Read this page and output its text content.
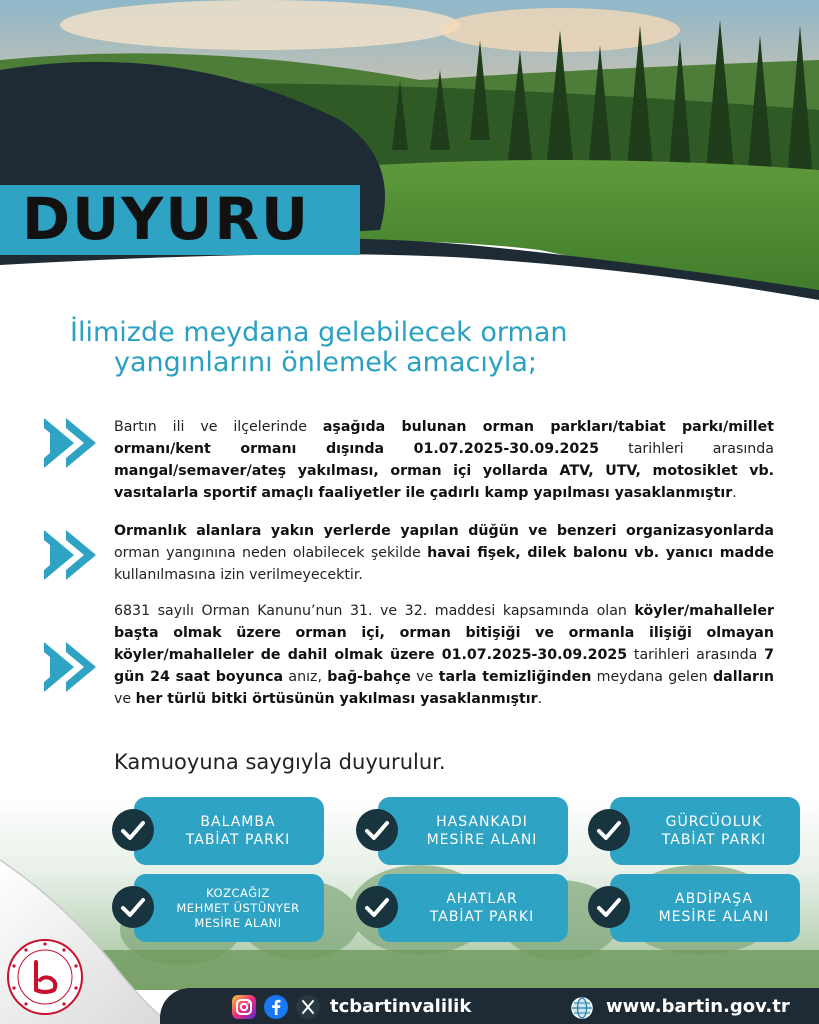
DUYURU
İlimizde meydana gelebilecek orman
yangınlarını önlemek amacıyla;
Bartın ili ve ilçelerinde aşağıda bulunan orman parkları/tabiat parkı/millet ormanı/kent ormanı dışında 01.07.2025-30.09.2025 tarihleri arasında mangal/semaver/ateş yakılması, orman içi yollarda ATV, UTV, motosiklet vb. vasıtalarla sportif amaçlı faaliyetler ile çadırlı kamp yapılması yasaklanmıştır.
Ormanlık alanlara yakın yerlerde yapılan düğün ve benzeri organizasyonlarda orman yangınına neden olabilecek şekilde havai fişek, dilek balonu vb. yanıcı madde kullanılmasına izin verilmeyecektir.
6831 sayılı Orman Kanunu’nun 31. ve 32. maddesi kapsamında olan köyler/mahalleler başta olmak üzere orman içi, orman bitişiği ve ormanla ilişiği olmayan köyler/mahalleler de dahil olmak üzere 01.07.2025-30.09.2025 tarihleri arasında 7 gün 24 saat boyunca anız, bağ-bahçe ve tarla temizliğinden meydana gelen dalların ve her türlü bitki örtüsünün yakılması yasaklanmıştır.
Kamuoyuna saygıyla duyurulur.
BALAMBA
TABİAT PARKI
HASANKADI
MESİRE ALANI
GÜRCÜOLUK
TABİAT PARKI
KOZCAĞIZ
MEHMET ÜSTÜNYER
MESİRE ALANI
AHATLAR
TABİAT PARKI
ABDİPAŞA
MESİRE ALANI
tcbartinvalilik	www.bartin.gov.tr
